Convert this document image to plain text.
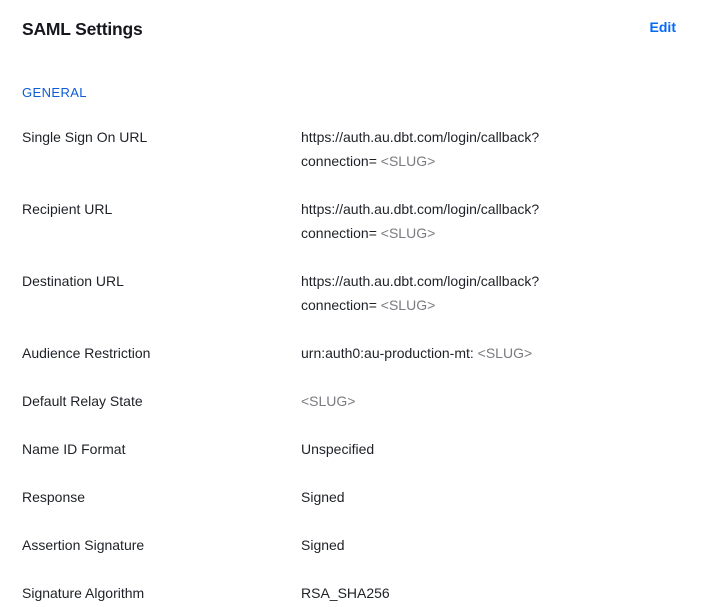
SAML Settings	Edit
GENERAL
Single Sign On URL	https://auth.au.dbt.com/login/callback?
connection= <SLUG>
Recipient URL	https://auth.au.dbt.com/login/callback?
connection= <SLUG>
Destination URL	https://auth.au.dbt.com/login/callback?
connection= <SLUG>
Audience Restriction	urn:auth0:au-production-mt: <SLUG>
Default Relay State	<SLUG>
Name ID Format	Unspecified
Response	Signed
Assertion Signature	Signed
Signature Algorithm	RSA_SHA256
